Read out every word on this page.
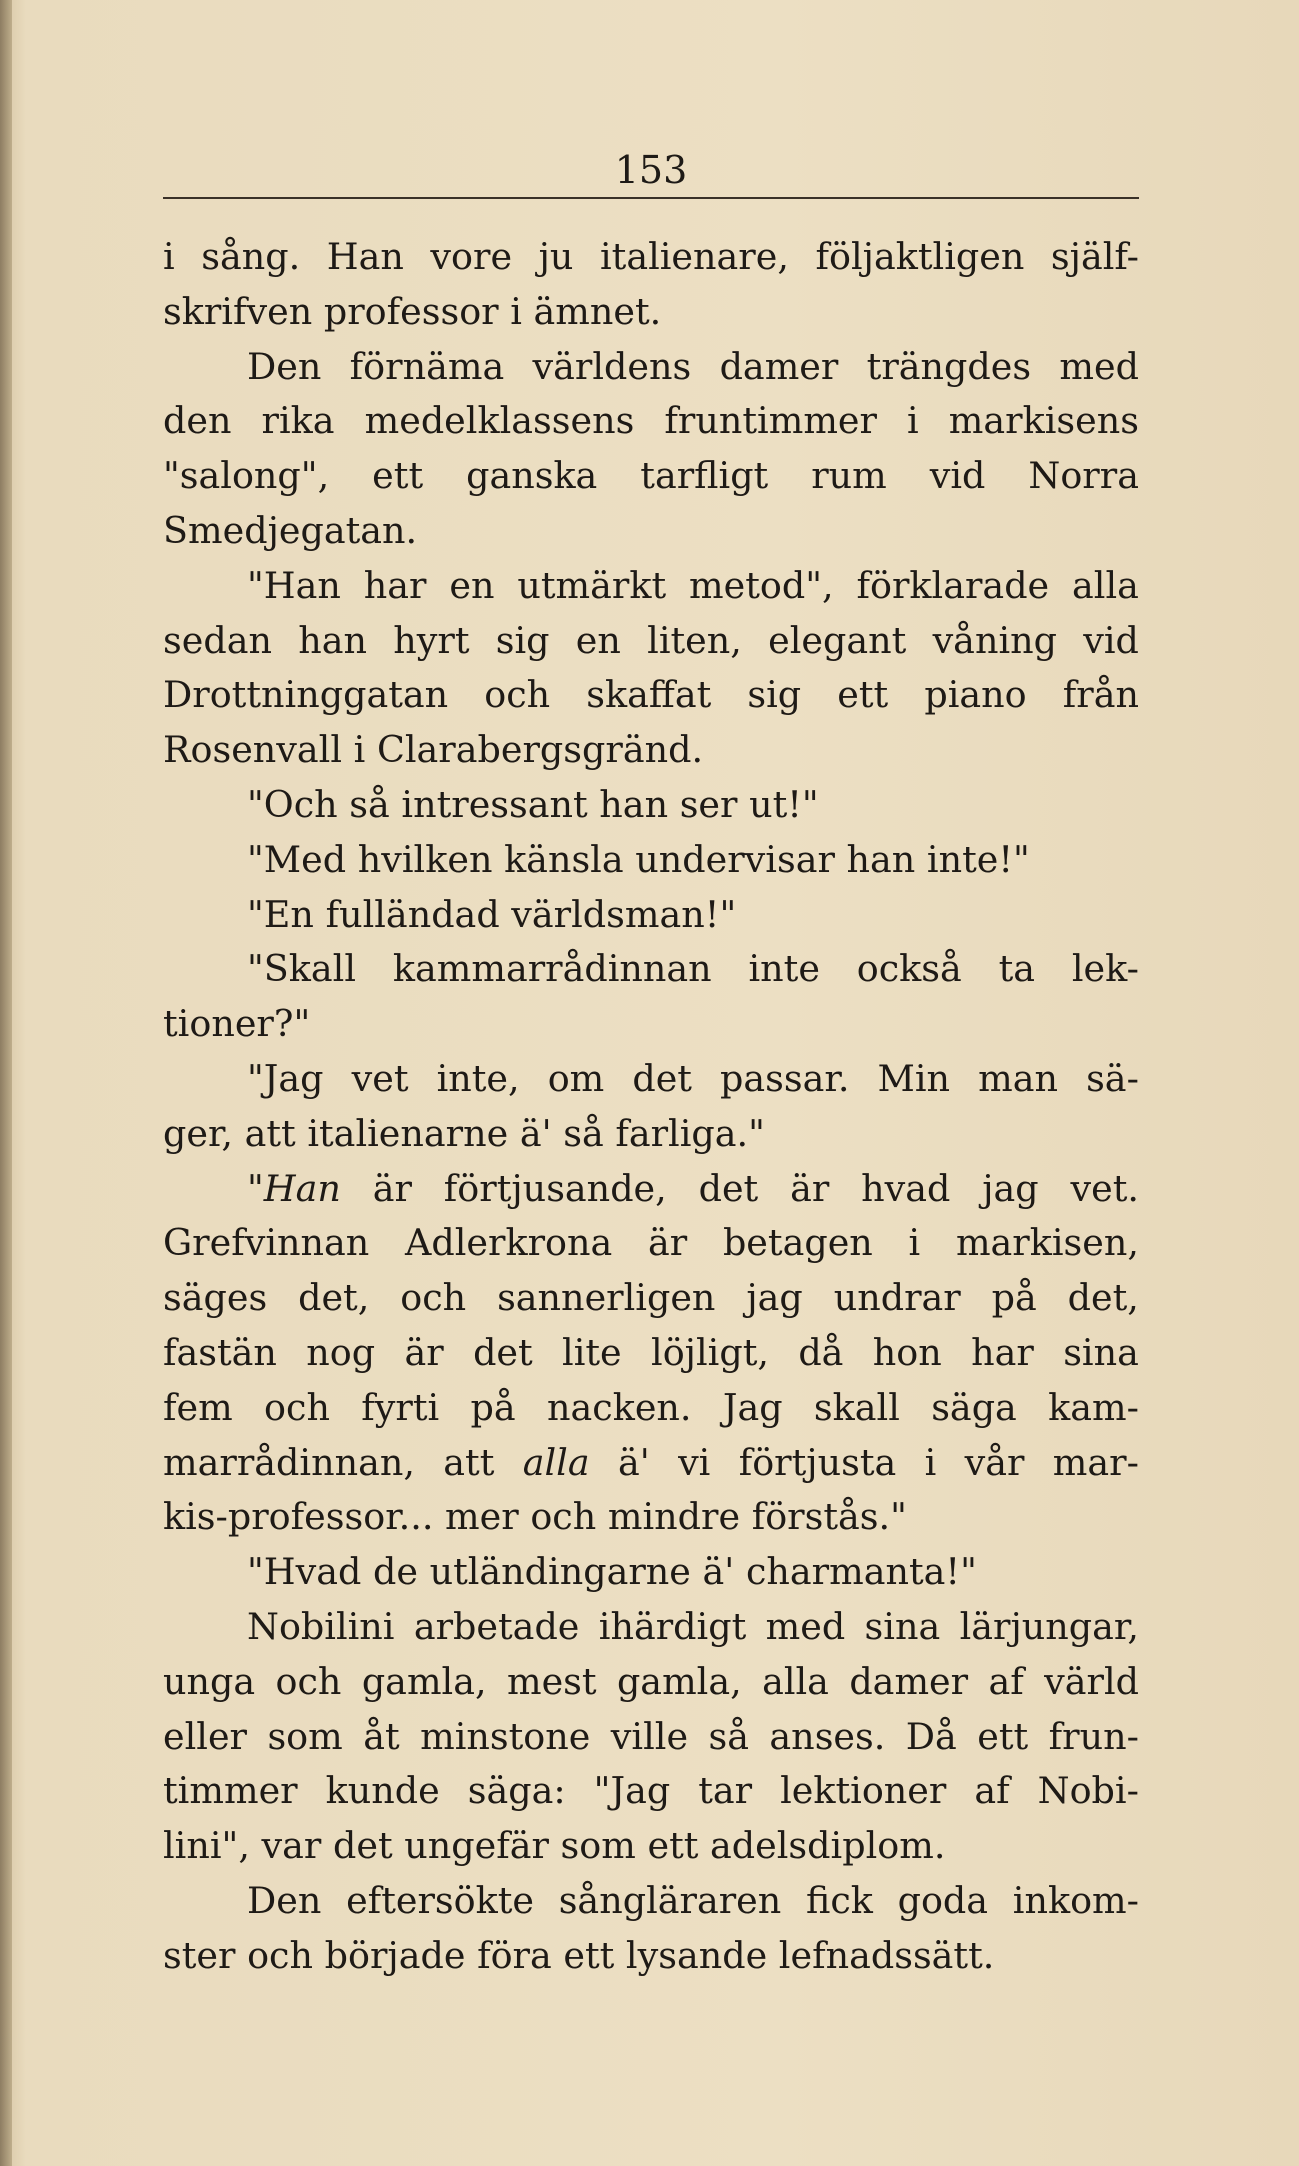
153
i sång. Han vore ju italienare, följaktligen själf-
skrifven professor i ämnet.
Den förnäma världens damer trängdes med
den rika medelklassens fruntimmer i markisens
"salong", ett ganska tarfligt rum vid Norra
Smedjegatan.
"Han har en utmärkt metod", förklarade alla
sedan han hyrt sig en liten, elegant våning vid
Drottninggatan och skaffat sig ett piano från
Rosenvall i Clarabergsgränd.
"Och så intressant han ser ut!"
"Med hvilken känsla undervisar han inte!"
"En fulländad världsman!"
"Skall kammarrådinnan inte också ta lek-
tioner?"
"Jag vet inte, om det passar. Min man sä-
ger, att italienarne ä' så farliga."
"Han är förtjusande, det är hvad jag vet.
Grefvinnan Adlerkrona är betagen i markisen,
säges det, och sannerligen jag undrar på det,
fastän nog är det lite löjligt, då hon har sina
fem och fyrti på nacken. Jag skall säga kam-
marrådinnan, att alla ä' vi förtjusta i vår mar-
kis-professor... mer och mindre förstås."
"Hvad de utländingarne ä' charmanta!"
Nobilini arbetade ihärdigt med sina lärjungar,
unga och gamla, mest gamla, alla damer af värld
eller som åt minstone ville så anses. Då ett frun-
timmer kunde säga: "Jag tar lektioner af Nobi-
lini", var det ungefär som ett adelsdiplom.
Den eftersökte sångläraren fick goda inkom-
ster och började föra ett lysande lefnadssätt.
